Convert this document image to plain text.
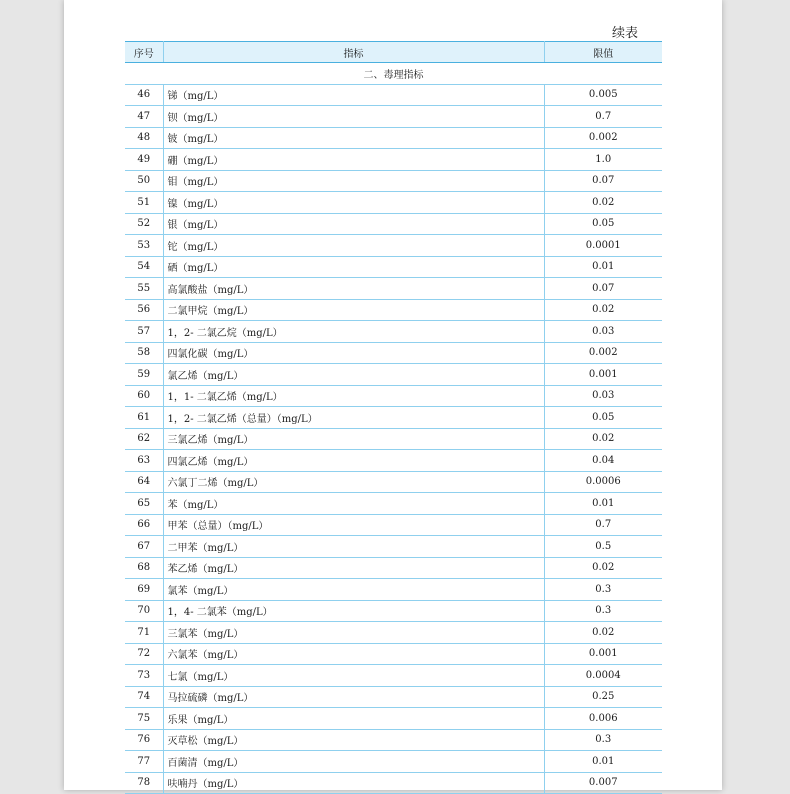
续表
序号	指标	限值
二、毒理指标		
46	锑（mg/L）	0.005
47	钡（mg/L）	0.7
48	铍（mg/L）	0.002
49	硼（mg/L）	1.0
50	钼（mg/L）	0.07
51	镍（mg/L）	0.02
52	银（mg/L）	0.05
53	铊（mg/L）	0.0001
54	硒（mg/L）	0.01
55	高氯酸盐（mg/L）	0.07
56	二氯甲烷（mg/L）	0.02
57	1，2- 二氯乙烷（mg/L）	0.03
58	四氯化碳（mg/L）	0.002
59	氯乙烯（mg/L）	0.001
60	1，1- 二氯乙烯（mg/L）	0.03
61	1，2- 二氯乙烯（总量）（mg/L）	0.05
62	三氯乙烯（mg/L）	0.02
63	四氯乙烯（mg/L）	0.04
64	六氯丁二烯（mg/L）	0.0006
65	苯（mg/L）	0.01
66	甲苯（总量）（mg/L）	0.7
67	二甲苯（mg/L）	0.5
68	苯乙烯（mg/L）	0.02
69	氯苯（mg/L）	0.3
70	1，4- 二氯苯（mg/L）	0.3
71	三氯苯（mg/L）	0.02
72	六氯苯（mg/L）	0.001
73	七氯（mg/L）	0.0004
74	马拉硫磷（mg/L）	0.25
75	乐果（mg/L）	0.006
76	灭草松（mg/L）	0.3
77	百菌清（mg/L）	0.01
78	呋喃丹（mg/L）	0.007
